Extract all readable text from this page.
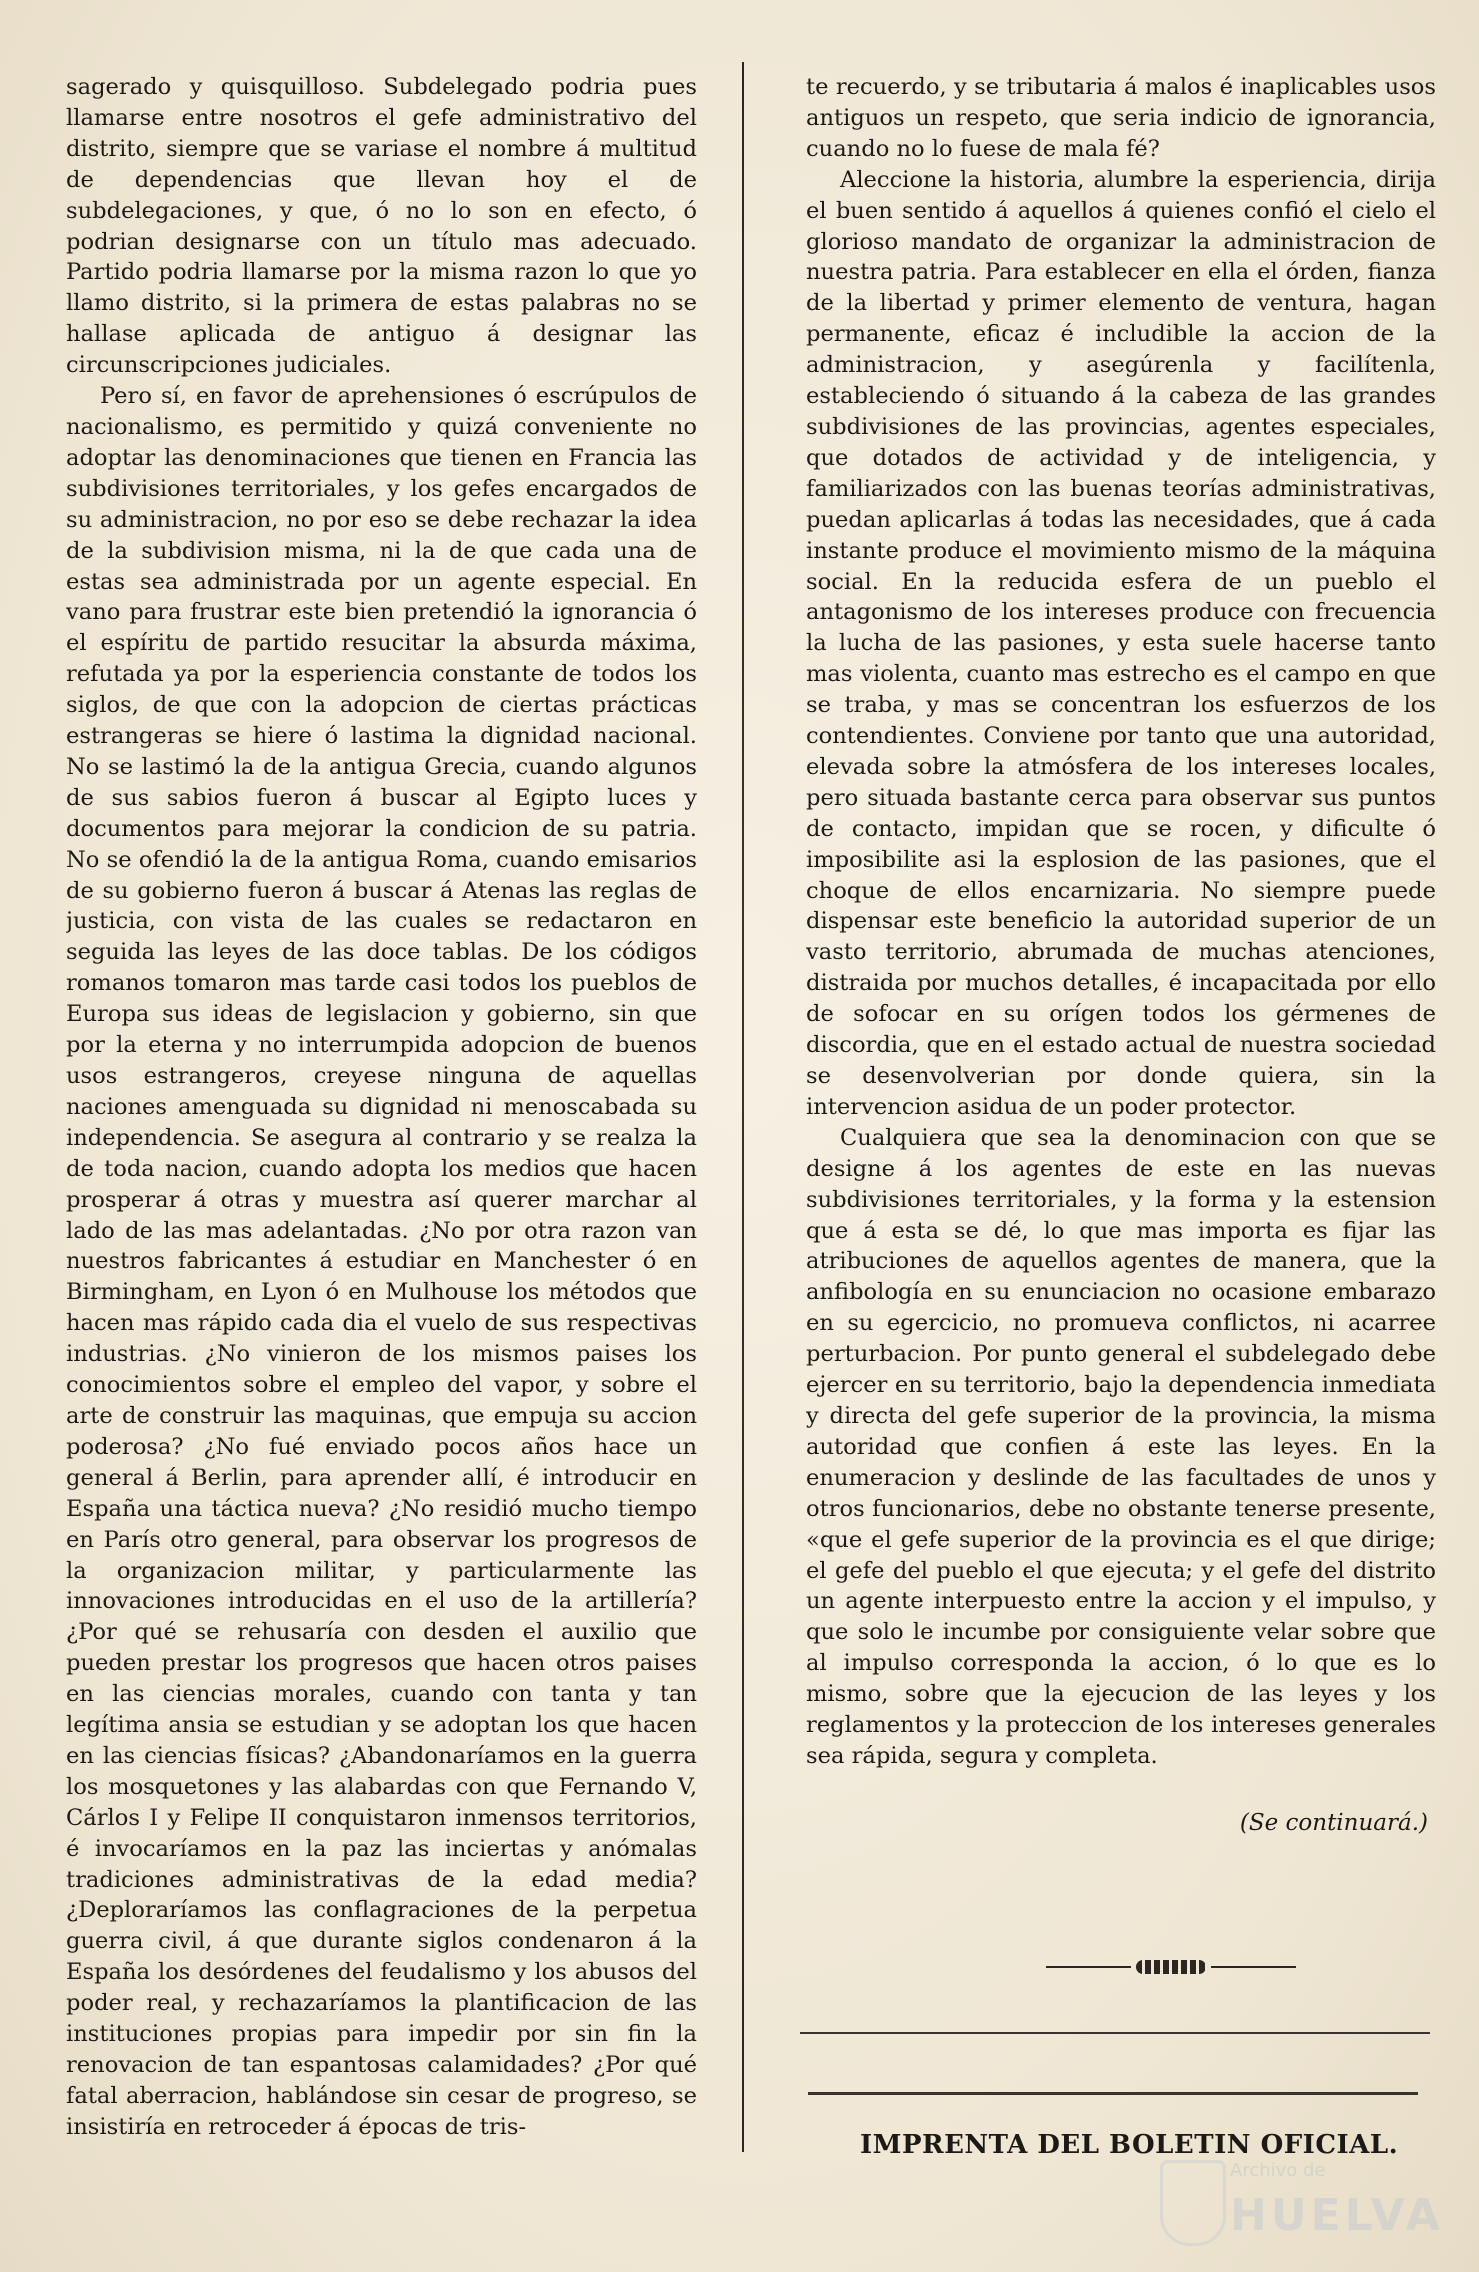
sagerado y quisquilloso. Subdelegado podria pues llamarse entre nosotros el gefe administrativo del distrito, siempre que se variase el nombre á multitud de dependencias que llevan hoy el de subdelegaciones, y que, ó no lo son en efecto, ó podrian designarse con un título mas adecuado. Partido podria llamarse por la misma razon lo que yo llamo distrito, si la primera de estas palabras no se hallase aplicada de antiguo á designar las circunscripciones judiciales.

Pero sí, en favor de aprehensiones ó escrúpulos de nacionalismo, es permitido y quizá conveniente no adoptar las denominaciones que tienen en Francia las subdivisiones territoriales, y los gefes encargados de su administracion, no por eso se debe rechazar la idea de la subdivision misma, ni la de que cada una de estas sea administrada por un agente especial. En vano para frustrar este bien pretendió la ignorancia ó el espíritu de partido resucitar la absurda máxima, refutada ya por la esperiencia constante de todos los siglos, de que con la adopcion de ciertas prácticas estrangeras se hiere ó lastima la dignidad nacional. No se lastimó la de la antigua Grecia, cuando algunos de sus sabios fueron á buscar al Egipto luces y documentos para mejorar la condicion de su patria. No se ofendió la de la antigua Roma, cuando emisarios de su gobierno fueron á buscar á Atenas las reglas de justicia, con vista de las cuales se redactaron en seguida las leyes de las doce tablas. De los códigos romanos tomaron mas tarde casi todos los pueblos de Europa sus ideas de legislacion y gobierno, sin que por la eterna y no interrumpida adopcion de buenos usos estrangeros, creyese ninguna de aquellas naciones amenguada su dignidad ni menoscabada su independencia. Se asegura al contrario y se realza la de toda nacion, cuando adopta los medios que hacen prosperar á otras y muestra así querer marchar al lado de las mas adelantadas. ¿No por otra razon van nuestros fabricantes á estudiar en Manchester ó en Birmingham, en Lyon ó en Mulhouse los métodos que hacen mas rápido cada dia el vuelo de sus respectivas industrias. ¿No vinieron de los mismos paises los conocimientos sobre el empleo del vapor, y sobre el arte de construir las maquinas, que empuja su accion poderosa? ¿No fué enviado pocos años hace un general á Berlin, para aprender allí, é introducir en España una táctica nueva? ¿No residió mucho tiempo en París otro general, para observar los progresos de la organizacion militar, y particularmente las innovaciones introducidas en el uso de la artillería? ¿Por qué se rehusaría con desden el auxilio que pueden prestar los progresos que hacen otros paises en las ciencias morales, cuando con tanta y tan legítima ansia se estudian y se adoptan los que hacen en las ciencias físicas? ¿Abandonaríamos en la guerra los mosquetones y las alabardas con que Fernando V, Cárlos I y Felipe II conquistaron inmensos territorios, é invocaríamos en la paz las inciertas y anómalas tradiciones administrativas de la edad media? ¿Deploraríamos las conflagraciones de la perpetua guerra civil, á que durante siglos condenaron á la España los desórdenes del feudalismo y los abusos del poder real, y rechazaríamos la plantificacion de las instituciones propias para impedir por sin fin la renovacion de tan espantosas calamidades? ¿Por qué fatal aberracion, hablándose sin cesar de progreso, se insistiría en retroceder á épocas de tris-

te recuerdo, y se tributaria á malos é inaplicables usos antiguos un respeto, que seria indicio de ignorancia, cuando no lo fuese de mala fé?

Aleccione la historia, alumbre la esperiencia, dirija el buen sentido á aquellos á quienes confió el cielo el glorioso mandato de organizar la administracion de nuestra patria. Para establecer en ella el órden, fianza de la libertad y primer elemento de ventura, hagan permanente, eficaz é includible la accion de la administracion, y asegúrenla y facilítenla, estableciendo ó situando á la cabeza de las grandes subdivisiones de las provincias, agentes especiales, que dotados de actividad y de inteligencia, y familiarizados con las buenas teorías administrativas, puedan aplicarlas á todas las necesidades, que á cada instante produce el movimiento mismo de la máquina social. En la reducida esfera de un pueblo el antagonismo de los intereses produce con frecuencia la lucha de las pasiones, y esta suele hacerse tanto mas violenta, cuanto mas estrecho es el campo en que se traba, y mas se concentran los esfuerzos de los contendientes. Conviene por tanto que una autoridad, elevada sobre la atmósfera de los intereses locales, pero situada bastante cerca para observar sus puntos de contacto, impidan que se rocen, y dificulte ó imposibilite asi la esplosion de las pasiones, que el choque de ellos encarnizaria. No siempre puede dispensar este beneficio la autoridad superior de un vasto territorio, abrumada de muchas atenciones, distraida por muchos detalles, é incapacitada por ello de sofocar en su orígen todos los gérmenes de discordia, que en el estado actual de nuestra sociedad se desenvolverian por donde quiera, sin la intervencion asidua de un poder protector.

Cualquiera que sea la denominacion con que se designe á los agentes de este en las nuevas subdivisiones territoriales, y la forma y la estension que á esta se dé, lo que mas importa es fijar las atribuciones de aquellos agentes de manera, que la anfibología en su enunciacion no ocasione embarazo en su egercicio, no promueva conflictos, ni acarree perturbacion. Por punto general el subdelegado debe ejercer en su territorio, bajo la dependencia inmediata y directa del gefe superior de la provincia, la misma autoridad que confien á este las leyes. En la enumeracion y deslinde de las facultades de unos y otros funcionarios, debe no obstante tenerse presente, «que el gefe superior de la provincia es el que dirige; el gefe del pueblo el que ejecuta; y el gefe del distrito un agente interpuesto entre la accion y el impulso, y que solo le incumbe por consiguiente velar sobre que al impulso corresponda la accion, ó lo que es lo mismo, sobre que la ejecucion de las leyes y los reglamentos y la proteccion de los intereses generales sea rápida, segura y completa.

(Se continuará.)
IMPRENTA DEL BOLETIN OFICIAL.
Archivo de
HUELVA
